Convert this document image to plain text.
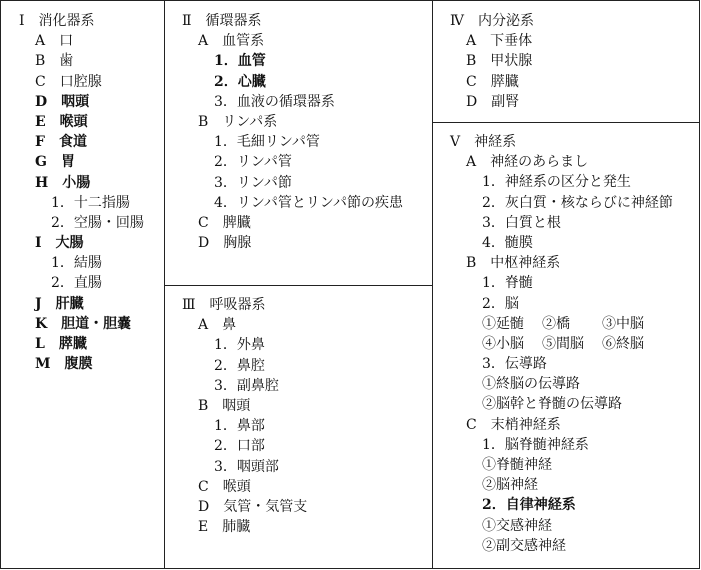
Ⅰ　消化器系
A　口
B　歯
C　口腔腺
D　咽頭
E　喉頭
F　食道
G　胃
H　小腸
1．十二指腸
2．空腸・回腸
I　大腸
1．結腸
2．直腸
J　肝臓
K　胆道・胆嚢
L　膵臓
M　腹膜
Ⅱ　循環器系
A　血管系
1．血管
2．心臓
3．血液の循環器系
B　リンパ系
1．毛細リンパ管
2．リンパ管
3．リンパ節
4．リンパ管とリンパ節の疾患
C　脾臓
D　胸腺
Ⅲ　呼吸器系
A　鼻
1．外鼻
2．鼻腔
3．副鼻腔
B　咽頭
1．鼻部
2．口部
3．咽頭部
C　喉頭
D　気管・気管支
E　肺臓
Ⅳ　内分泌系
A　下垂体
B　甲状腺
C　膵臓
D　副腎
Ⅴ　神経系
A　神経のあらまし
1．神経系の区分と発生
2．灰白質・核ならびに神経節
3．白質と根
4．髄膜
B　中枢神経系
1．脊髄
2．脳
①延髄	②橋	③中脳
④小脳	⑤間脳	⑥終脳
3．伝導路
①終脳の伝導路
②脳幹と脊髄の伝導路
C　末梢神経系
1．脳脊髄神経系
①脊髄神経
②脳神経
2．自律神経系
①交感神経
②副交感神経
